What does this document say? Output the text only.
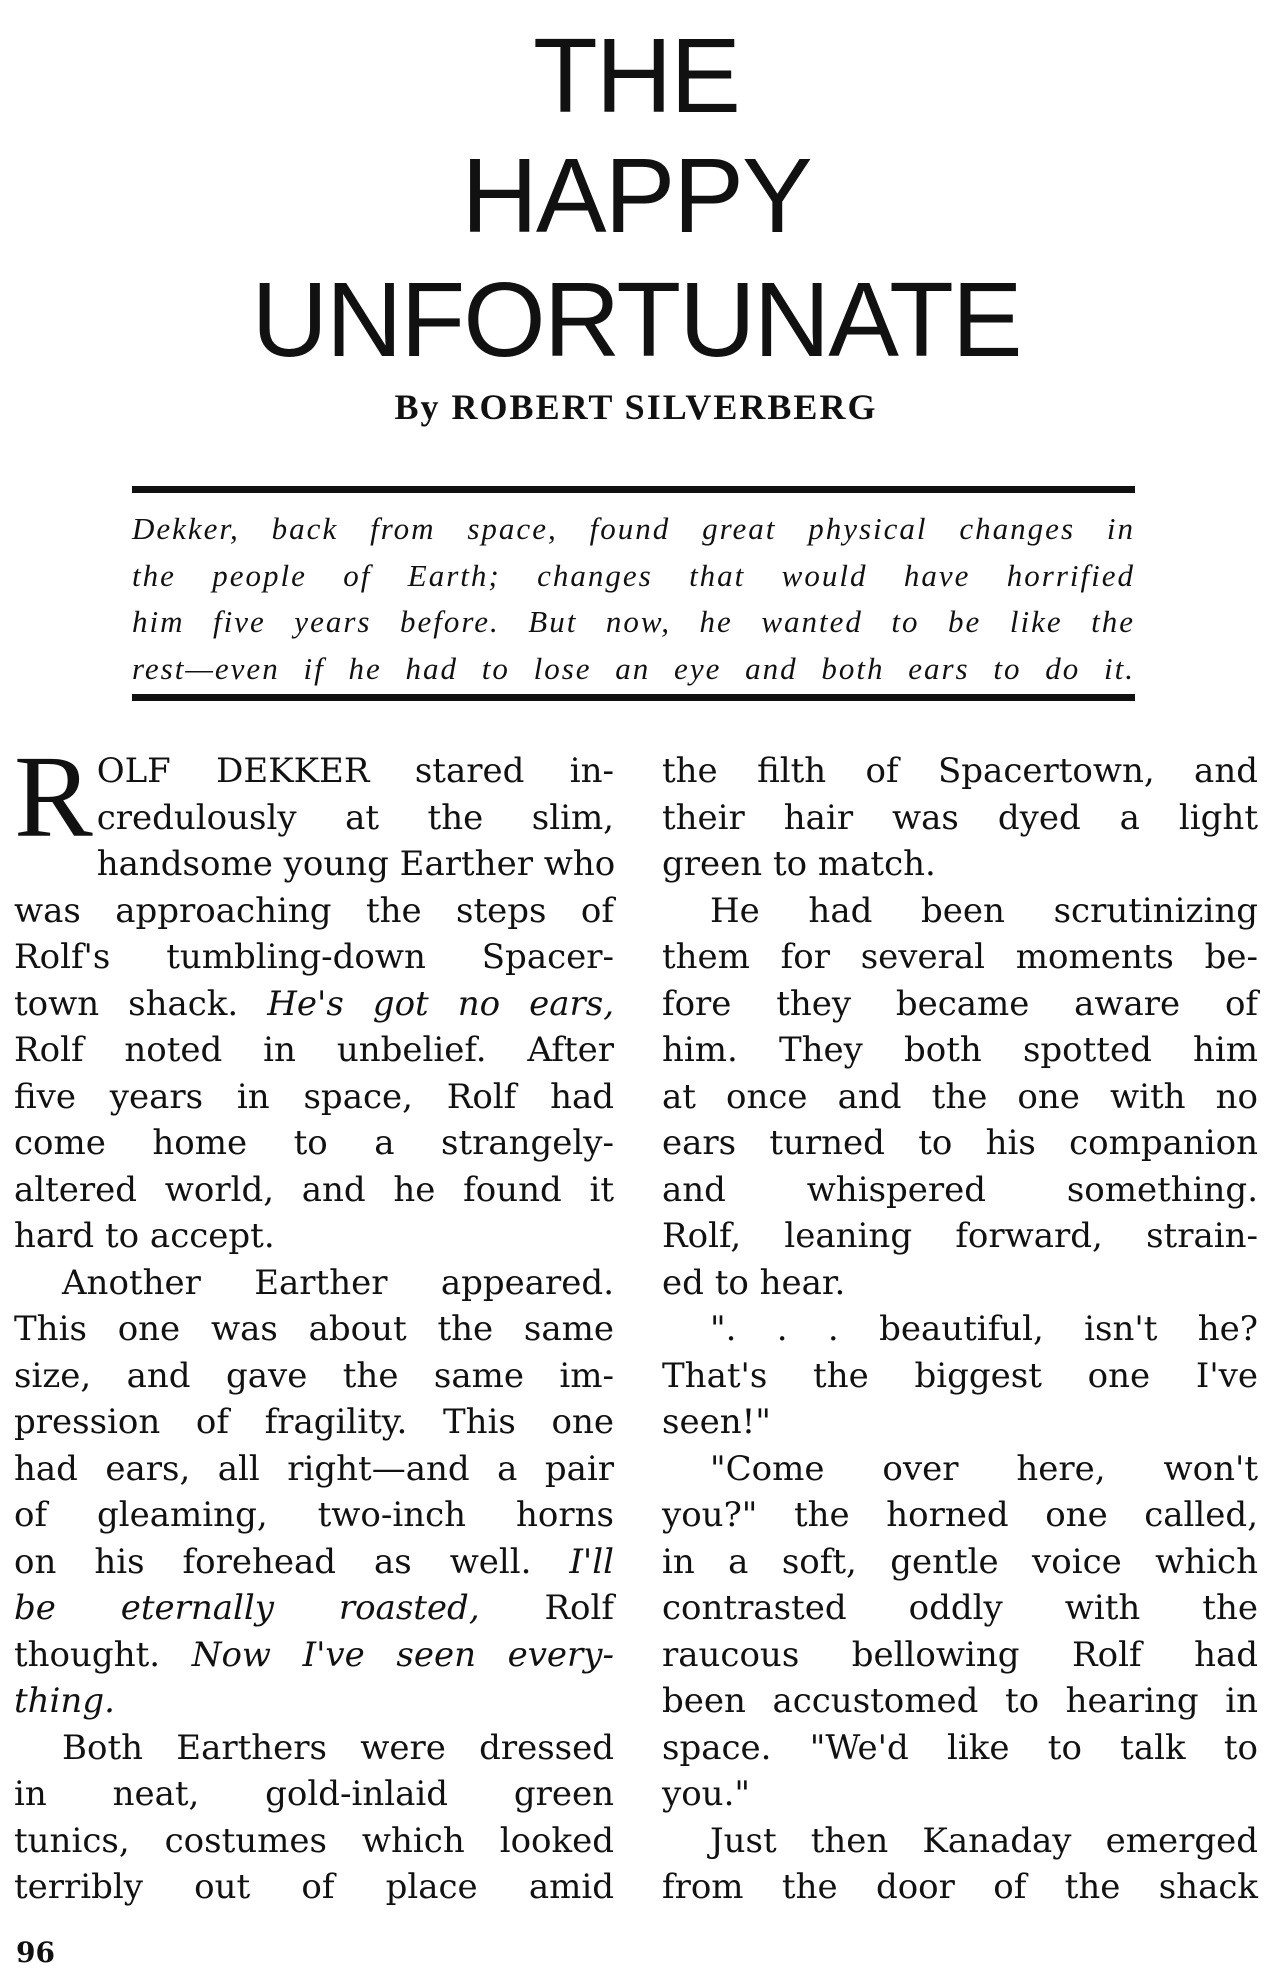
THE
HAPPY
UNFORTUNATE
By ROBERT SILVERBERG
Dekker, back from space, found great physical changes in
the people of Earth; changes that would have horrified
him five years before. But now, he wanted to be like the
rest—even if he had to lose an eye and both ears to do it.
R OLF DEKKER stared in-
credulously at the slim,
handsome young Earther who
was approaching the steps of
Rolf's tumbling-down Spacer-
town shack. He's got no ears,
Rolf noted in unbelief. After
five years in space, Rolf had
come home to a strangely-
altered world, and he found it
hard to accept.
Another Earther appeared.
This one was about the same
size, and gave the same im-
pression of fragility. This one
had ears, all right—and a pair
of gleaming, two-inch horns
on his forehead as well. I'll
be eternally roasted, Rolf
thought. Now I've seen every-
thing.
Both Earthers were dressed
in neat, gold-inlaid green
tunics, costumes which looked
terribly out of place amid
the filth of Spacertown, and
their hair was dyed a light
green to match.
He had been scrutinizing
them for several moments be-
fore they became aware of
him. They both spotted him
at once and the one with no
ears turned to his companion
and whispered something.
Rolf, leaning forward, strain-
ed to hear.
". . . beautiful, isn't he?
That's the biggest one I've
seen!"
"Come over here, won't
you?" the horned one called,
in a soft, gentle voice which
contrasted oddly with the
raucous bellowing Rolf had
been accustomed to hearing in
space. "We'd like to talk to
you."
Just then Kanaday emerged
from the door of the shack
96
